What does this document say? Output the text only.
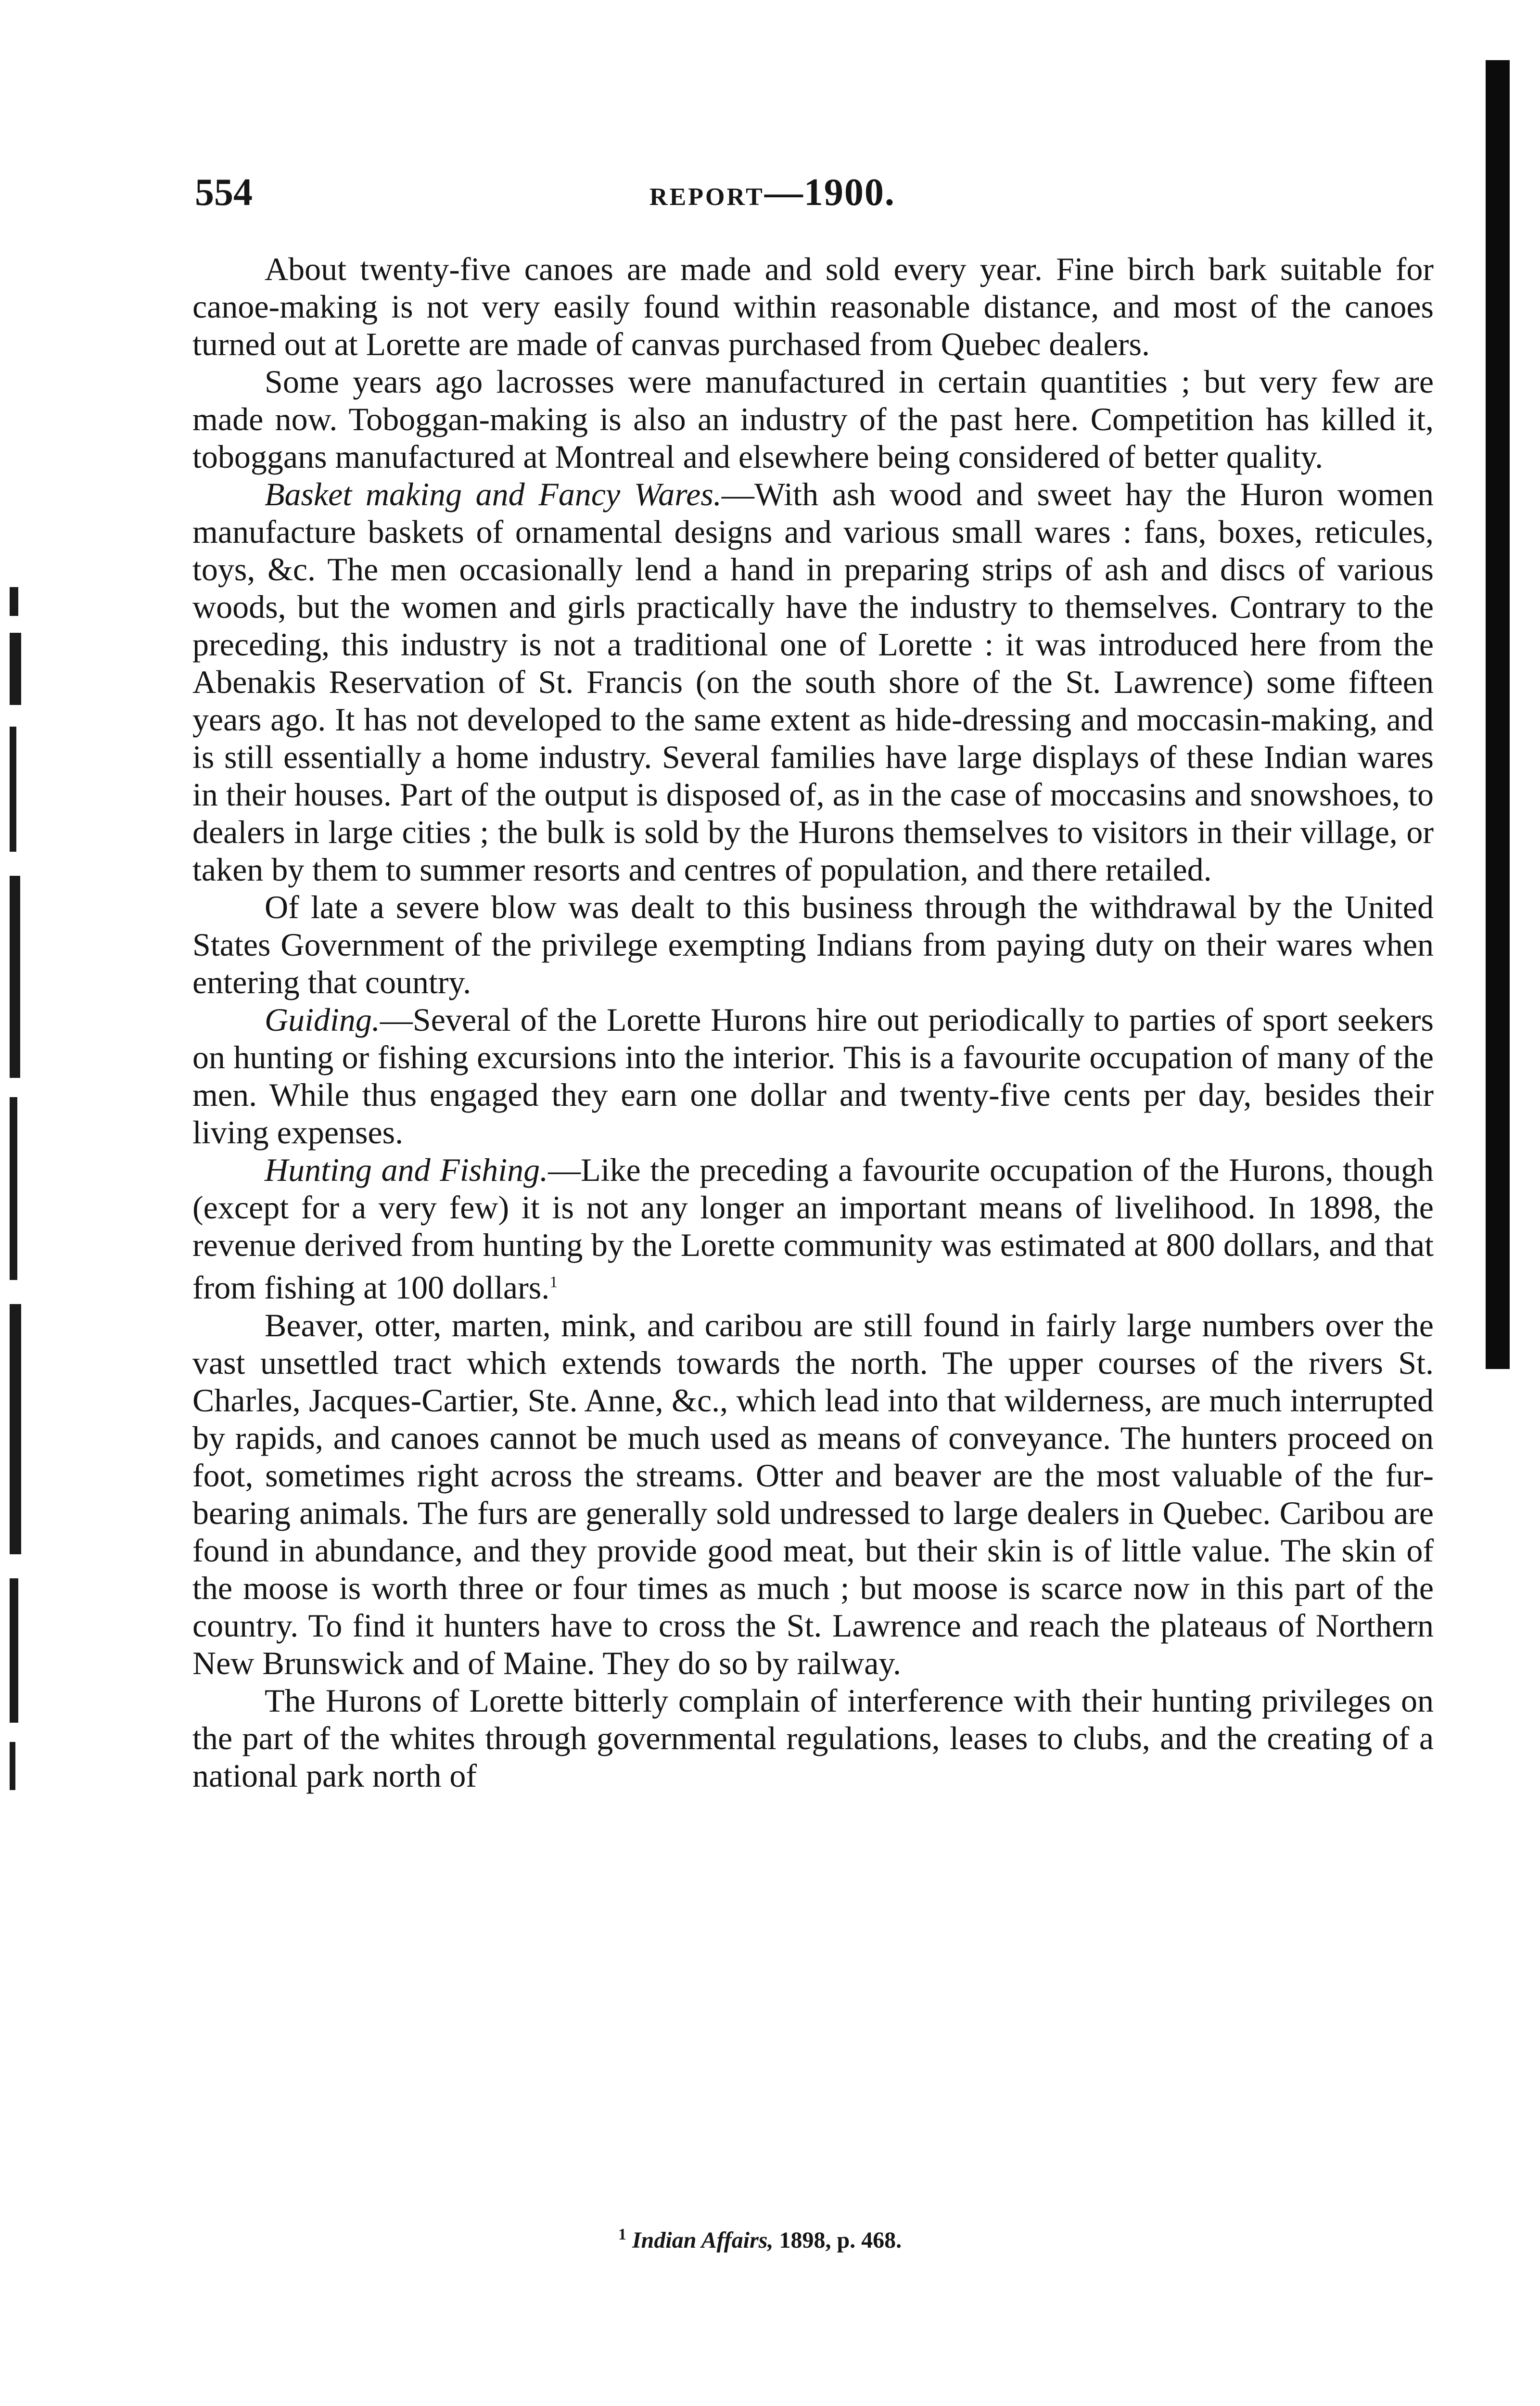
554	REPORT—1900.

About twenty-five canoes are made and sold every year. Fine birch bark suitable for canoe-making is not very easily found within reasonable distance, and most of the canoes turned out at Lorette are made of canvas purchased from Quebec dealers.

Some years ago lacrosses were manufactured in certain quantities ; but very few are made now. Toboggan-making is also an industry of the past here. Competition has killed it, toboggans manufactured at Montreal and elsewhere being considered of better quality.

Basket making and Fancy Wares.—With ash wood and sweet hay the Huron women manufacture baskets of ornamental designs and various small wares : fans, boxes, reticules, toys, &c. The men occasionally lend a hand in preparing strips of ash and discs of various woods, but the women and girls practically have the industry to themselves. Contrary to the preceding, this industry is not a traditional one of Lorette : it was introduced here from the Abenakis Reservation of St. Francis (on the south shore of the St. Lawrence) some fifteen years ago. It has not developed to the same extent as hide-dressing and moccasin-making, and is still essentially a home industry. Several families have large displays of these Indian wares in their houses. Part of the output is disposed of, as in the case of moccasins and snowshoes, to dealers in large cities ; the bulk is sold by the Hurons themselves to visitors in their village, or taken by them to summer resorts and centres of population, and there retailed.

Of late a severe blow was dealt to this business through the withdrawal by the United States Government of the privilege exempting Indians from paying duty on their wares when entering that country.

Guiding.—Several of the Lorette Hurons hire out periodically to parties of sport seekers on hunting or fishing excursions into the interior. This is a favourite occupation of many of the men. While thus engaged they earn one dollar and twenty-five cents per day, besides their living expenses.

Hunting and Fishing.—Like the preceding a favourite occupation of the Hurons, though (except for a very few) it is not any longer an important means of livelihood. In 1898, the revenue derived from hunting by the Lorette community was estimated at 800 dollars, and that from fishing at 100 dollars.$^1$

Beaver, otter, marten, mink, and caribou are still found in fairly large numbers over the vast unsettled tract which extends towards the north. The upper courses of the rivers St. Charles, Jacques-Cartier, Ste. Anne, &c., which lead into that wilderness, are much interrupted by rapids, and canoes cannot be much used as means of conveyance. The hunters proceed on foot, sometimes right across the streams. Otter and beaver are the most valuable of the fur-bearing animals. The furs are generally sold undressed to large dealers in Quebec. Caribou are found in abundance, and they provide good meat, but their skin is of little value. The skin of the moose is worth three or four times as much ; but moose is scarce now in this part of the country. To find it hunters have to cross the St. Lawrence and reach the plateaus of Northern New Brunswick and of Maine. They do so by railway.

The Hurons of Lorette bitterly complain of interference with their hunting privileges on the part of the whites through governmental regulations, leases to clubs, and the creating of a national park north of

$^1$ Indian Affairs, 1898, p. 468.
